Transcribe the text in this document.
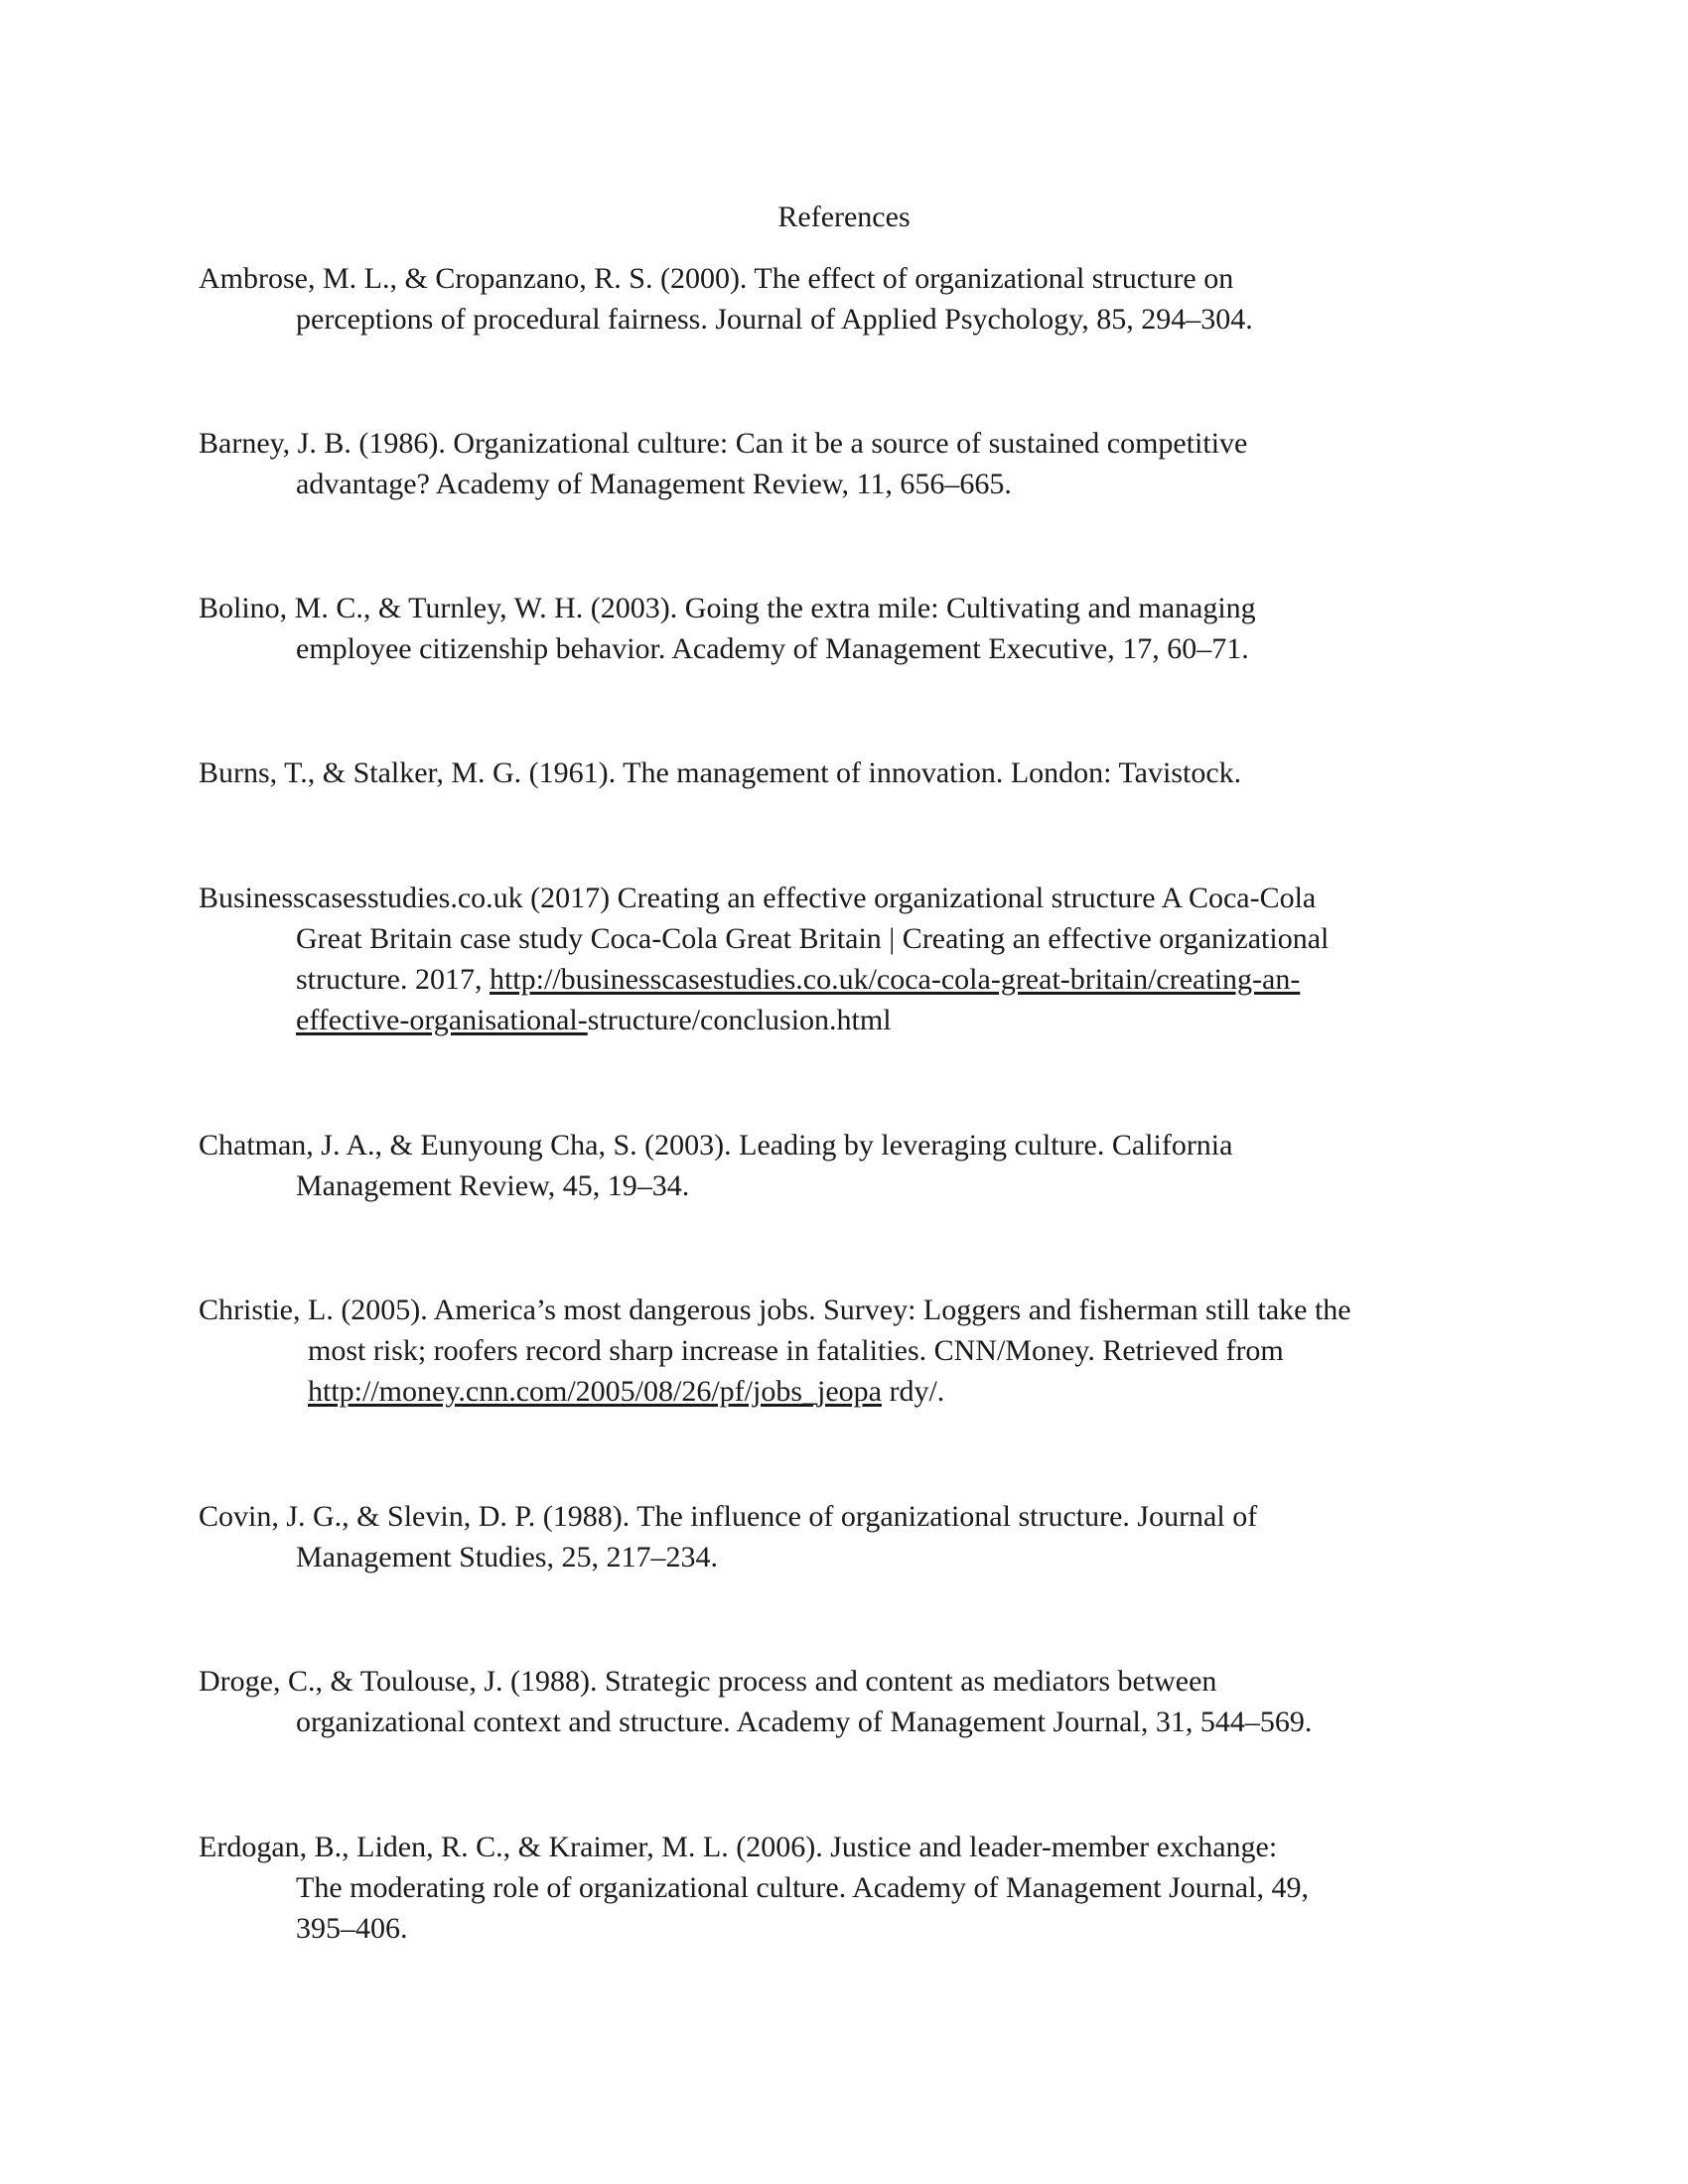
References

Ambrose, M. L., & Cropanzano, R. S. (2000). The effect of organizational structure on
perceptions of procedural fairness. Journal of Applied Psychology, 85, 294–304.

Barney, J. B. (1986). Organizational culture: Can it be a source of sustained competitive
advantage? Academy of Management Review, 11, 656–665.

Bolino, M. C., & Turnley, W. H. (2003). Going the extra mile: Cultivating and managing
employee citizenship behavior. Academy of Management Executive, 17, 60–71.

Burns, T., & Stalker, M. G. (1961). The management of innovation. London: Tavistock.

Businesscasesstudies.co.uk (2017) Creating an effective organizational structure A Coca-Cola
Great Britain case study Coca-Cola Great Britain | Creating an effective organizational
structure. 2017, http://businesscasestudies.co.uk/coca-cola-great-britain/creating-an-
effective-organisational-structure/conclusion.html

Chatman, J. A., & Eunyoung Cha, S. (2003). Leading by leveraging culture. California
Management Review, 45, 19–34.

Christie, L. (2005). America’s most dangerous jobs. Survey: Loggers and fisherman still take the
most risk; roofers record sharp increase in fatalities. CNN/Money. Retrieved from
http://money.cnn.com/2005/08/26/pf/jobs_jeopa rdy/.

Covin, J. G., & Slevin, D. P. (1988). The influence of organizational structure. Journal of
Management Studies, 25, 217–234.

Droge, C., & Toulouse, J. (1988). Strategic process and content as mediators between
organizational context and structure. Academy of Management Journal, 31, 544–569.

Erdogan, B., Liden, R. C., & Kraimer, M. L. (2006). Justice and leader-member exchange:
The moderating role of organizational culture. Academy of Management Journal, 49,
395–406.
